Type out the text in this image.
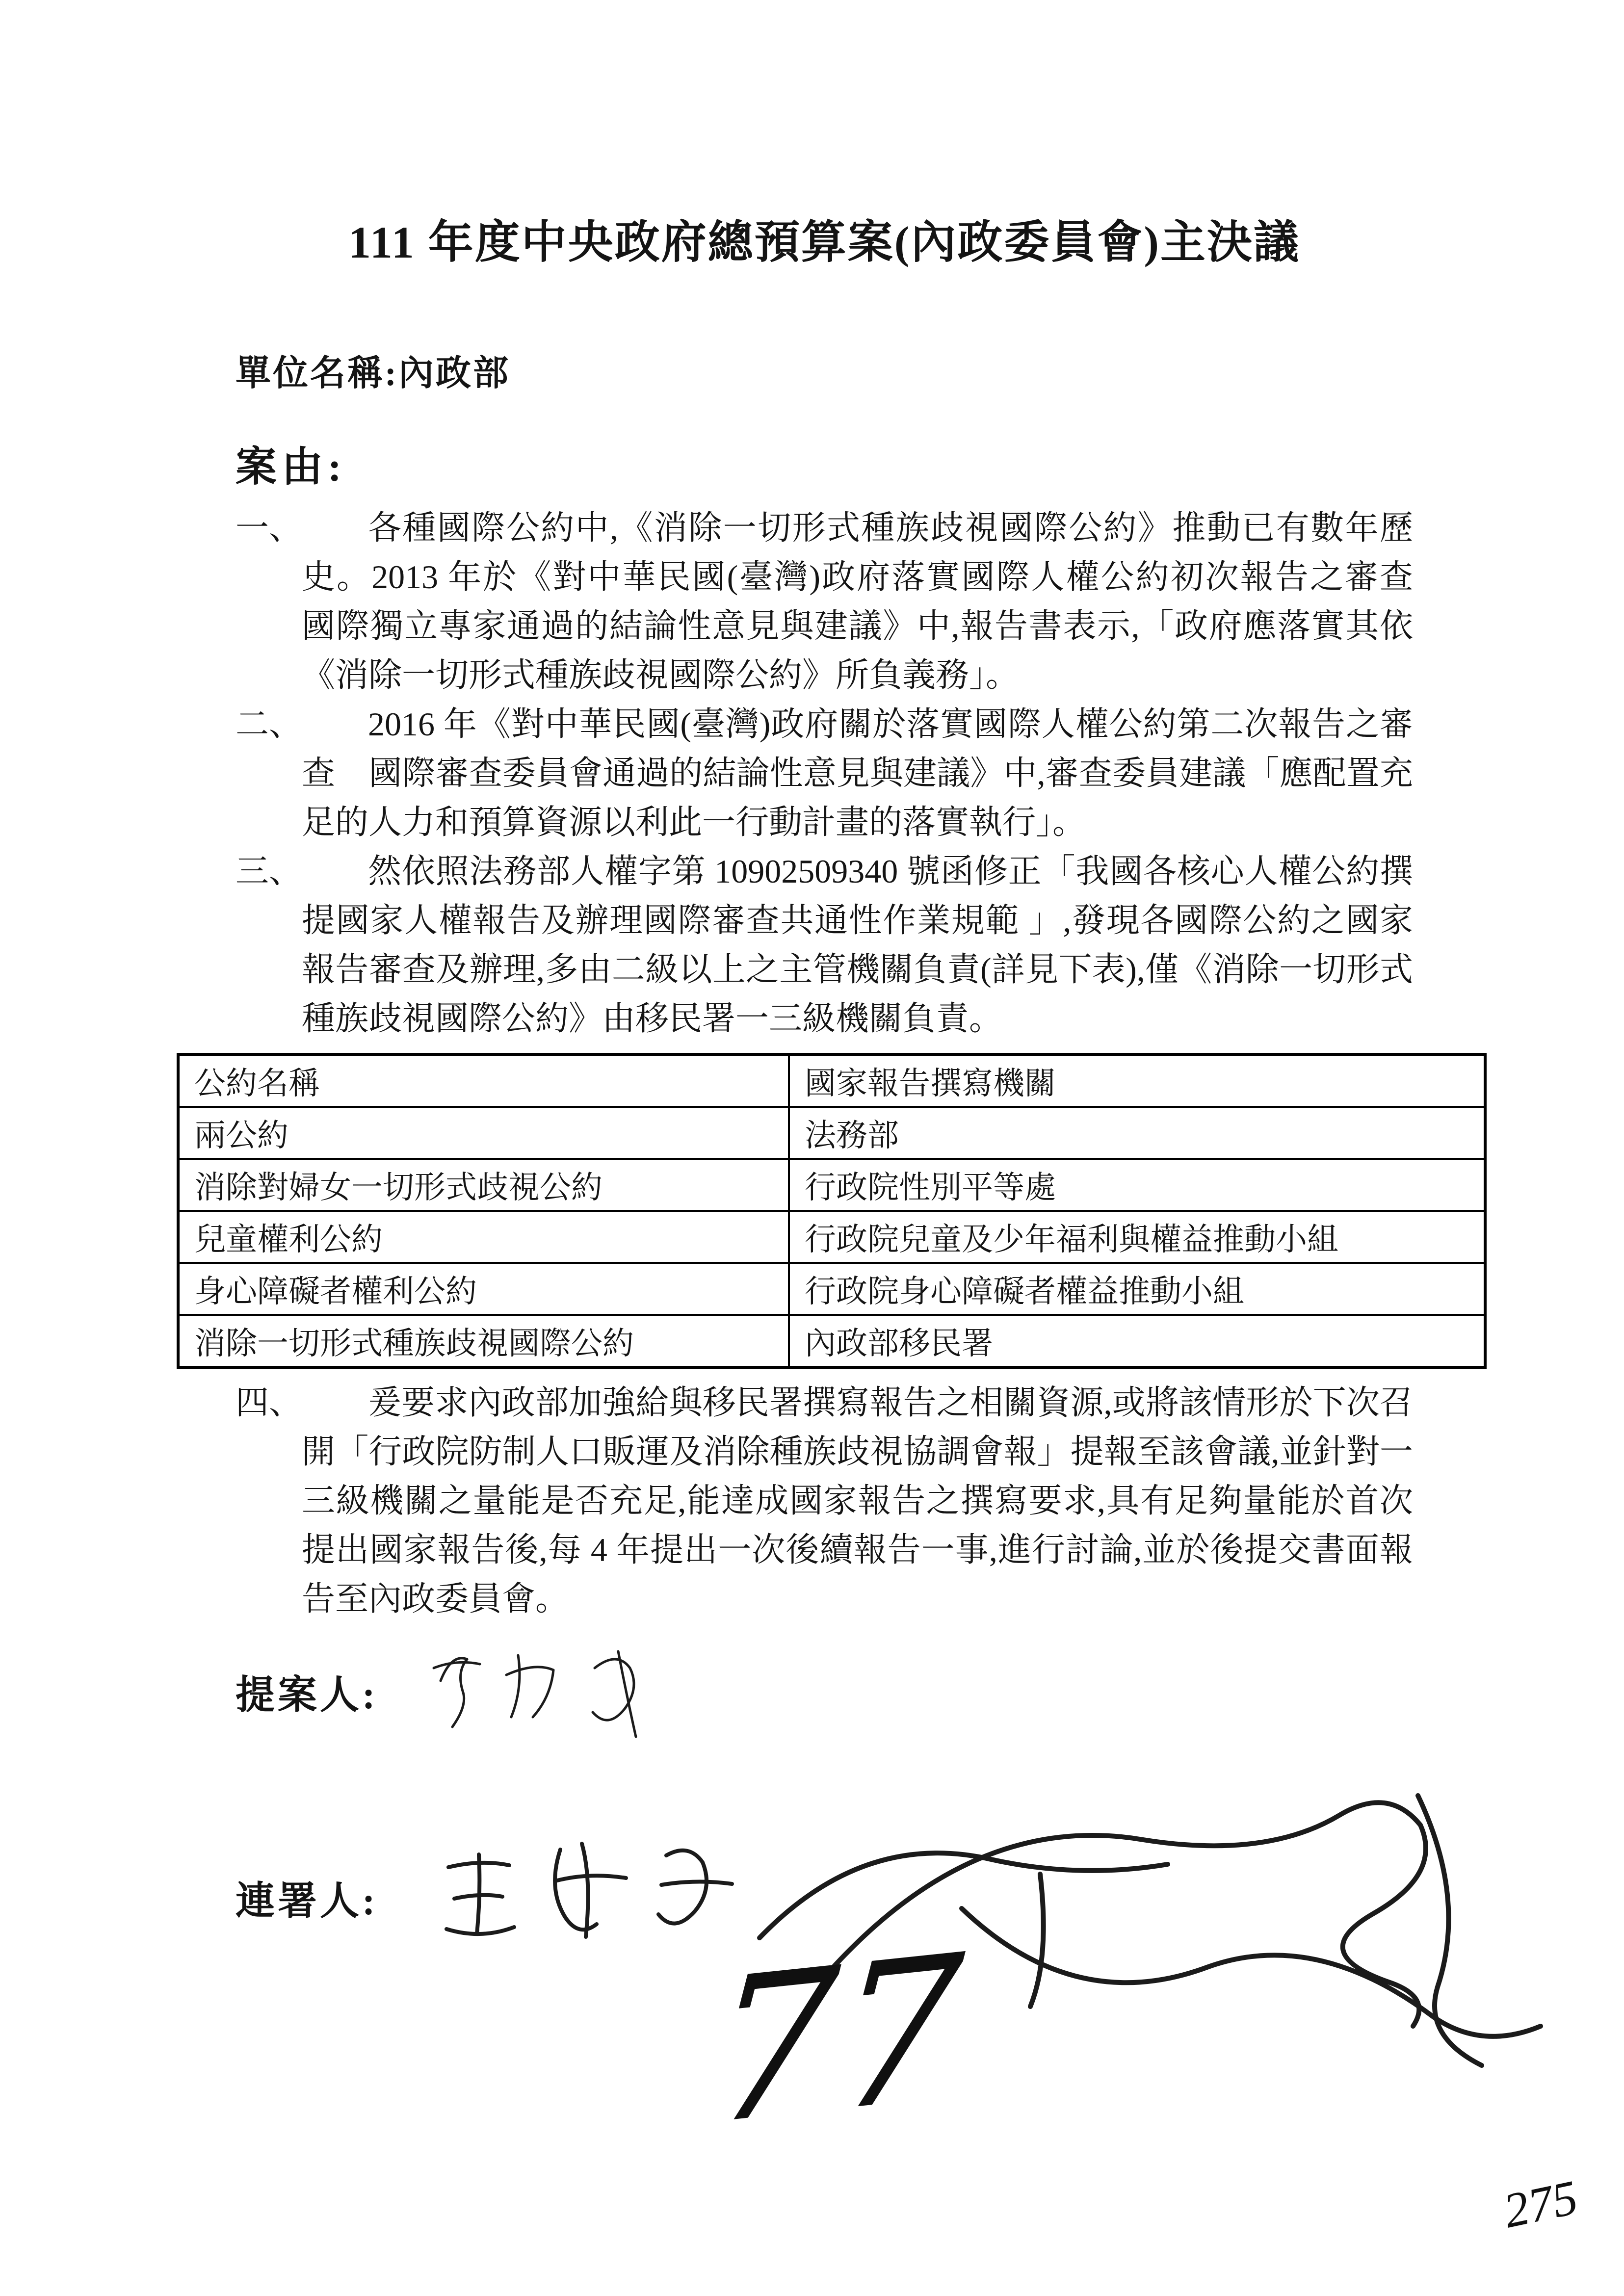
111 年度中央政府總預算案(內政委員會)主決議
單位名稱:內政部
案由:
一、 各種國際公約中,《消除一切形式種族歧視國際公約》推動已有數年歷史。2013 年於《對中華民國(臺灣)政府落實國際人權公約初次報告之審查　國際獨立專家通過的結論性意見與建議》中,報告書表示,「政府應落實其依《消除一切形式種族歧視國際公約》所負義務」。
二、 2016 年《對中華民國(臺灣)政府關於落實國際人權公約第二次報告之審查　國際審查委員會通過的結論性意見與建議》中,審查委員建議「應配置充足的人力和預算資源以利此一行動計畫的落實執行」。
三、 然依照法務部人權字第 10902509340 號函修正「我國各核心人權公約撰提國家人權報告及辦理國際審查共通性作業規範 」,發現各國際公約之國家報告審查及辦理,多由二級以上之主管機關負責(詳見下表),僅《消除一切形式種族歧視國際公約》由移民署一三級機關負責。
公約名稱	國家報告撰寫機關
兩公約	法務部
消除對婦女一切形式歧視公約	行政院性別平等處
兒童權利公約	行政院兒童及少年福利與權益推動小組
身心障礙者權利公約	行政院身心障礙者權益推動小組
消除一切形式種族歧視國際公約	內政部移民署
四、 爰要求內政部加強給與移民署撰寫報告之相關資源,或將該情形於下次召開「行政院防制人口販運及消除種族歧視協調會報」提報至該會議,並針對一三級機關之量能是否充足,能達成國家報告之撰寫要求,具有足夠量能於首次提出國家報告後,每 4 年提出一次後續報告一事,進行討論,並於後提交書面報告至內政委員會。
提案人:
連署人:
77
275
